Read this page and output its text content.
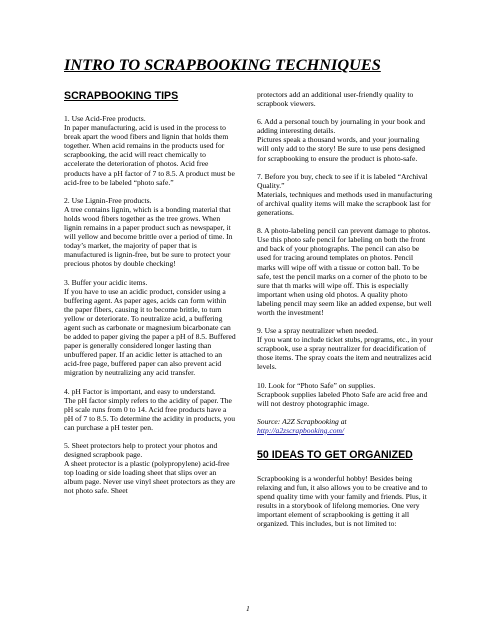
INTRO TO SCRAPBOOKING TECHNIQUES
SCRAPBOOKING TIPS

1. Use Acid-Free products.

In paper manufacturing, acid is used in the process to break apart the wood fibers and lignin that holds them together. When acid remains in the products used for scrapbooking, the acid will react chemically to accelerate the deterioration of photos. Acid free products have a pH factor of 7 to 8.5. A product must be acid-free to be labeled “photo safe.”

2. Use Lignin-Free products.

A tree contains lignin, which is a bonding material that holds wood fibers together as the tree grows. When lignin remains in a paper product such as newspaper, it will yellow and become brittle over a period of time. In today’s market, the majority of paper that is manufactured is lignin-free, but be sure to protect your precious photos by double checking!

3. Buffer your acidic items.

If you have to use an acidic product, consider using a buffering agent. As paper ages, acids can form within the paper fibers, causing it to become brittle, to turn yellow or deteriorate. To neutralize acid, a buffering agent such as carbonate or magnesium bicarbonate can be added to paper giving the paper a pH of 8.5. Buffered paper is generally considered longer lasting than unbuffered paper. If an acidic letter is attached to an acid-free page, buffered paper can also prevent acid migration by neutralizing any acid transfer.

4. pH Factor is important, and easy to understand.

The pH factor simply refers to the acidity of paper. The pH scale runs from 0 to 14. Acid free products have a pH of 7 to 8.5. To determine the acidity in products, you can purchase a pH tester pen.

5. Sheet protectors help to protect your photos and designed scrapbook page.

A sheet protector is a plastic (polypropylene) acid-free top loading or side loading sheet that slips over an album page. Never use vinyl sheet protectors as they are not photo safe. Sheet

protectors add an additional user-friendly quality to scrapbook viewers.

6. Add a personal touch by journaling in your book and adding interesting details.

Pictures speak a thousand words, and your journaling will only add to the story! Be sure to use pens designed for scrapbooking to ensure the product is photo-safe.

7. Before you buy, check to see if it is labeled “Archival Quality.”

Materials, techniques and methods used in manufacturing of archival quality items will make the scrapbook last for generations.

8. A photo-labeling pencil can prevent damage to photos.

Use this photo safe pencil for labeling on both the front and back of your photographs. The pencil can also be used for tracing around templates on photos. Pencil marks will wipe off with a tissue or cotton ball. To be safe, test the pencil marks on a corner of the photo to be sure that th marks will wipe off. This is especially important when using old photos. A quality photo labeling pencil may seem like an added expense, but well worth the investment!

9. Use a spray neutralizer when needed.

If you want to include ticket stubs, programs, etc., in your scrapbook, use a spray neutralizer for deacidification of those items. The spray coats the item and neutralizes acid levels.

10. Look for “Photo Safe” on supplies.

Scrapbook supplies labeled Photo Safe are acid free and will not destroy photographic image.

Source: A2Z Scrapbooking at

http://a2zscrapbooking.com/

50 IDEAS TO GET ORGANIZED

Scrapbooking is a wonderful hobby! Besides being relaxing and fun, it also allows you to be creative and to spend quality time with your family and friends. Plus, it results in a storybook of lifelong memories. One very important element of scrapbooking is getting it all organized. This includes, but is not limited to:

1
